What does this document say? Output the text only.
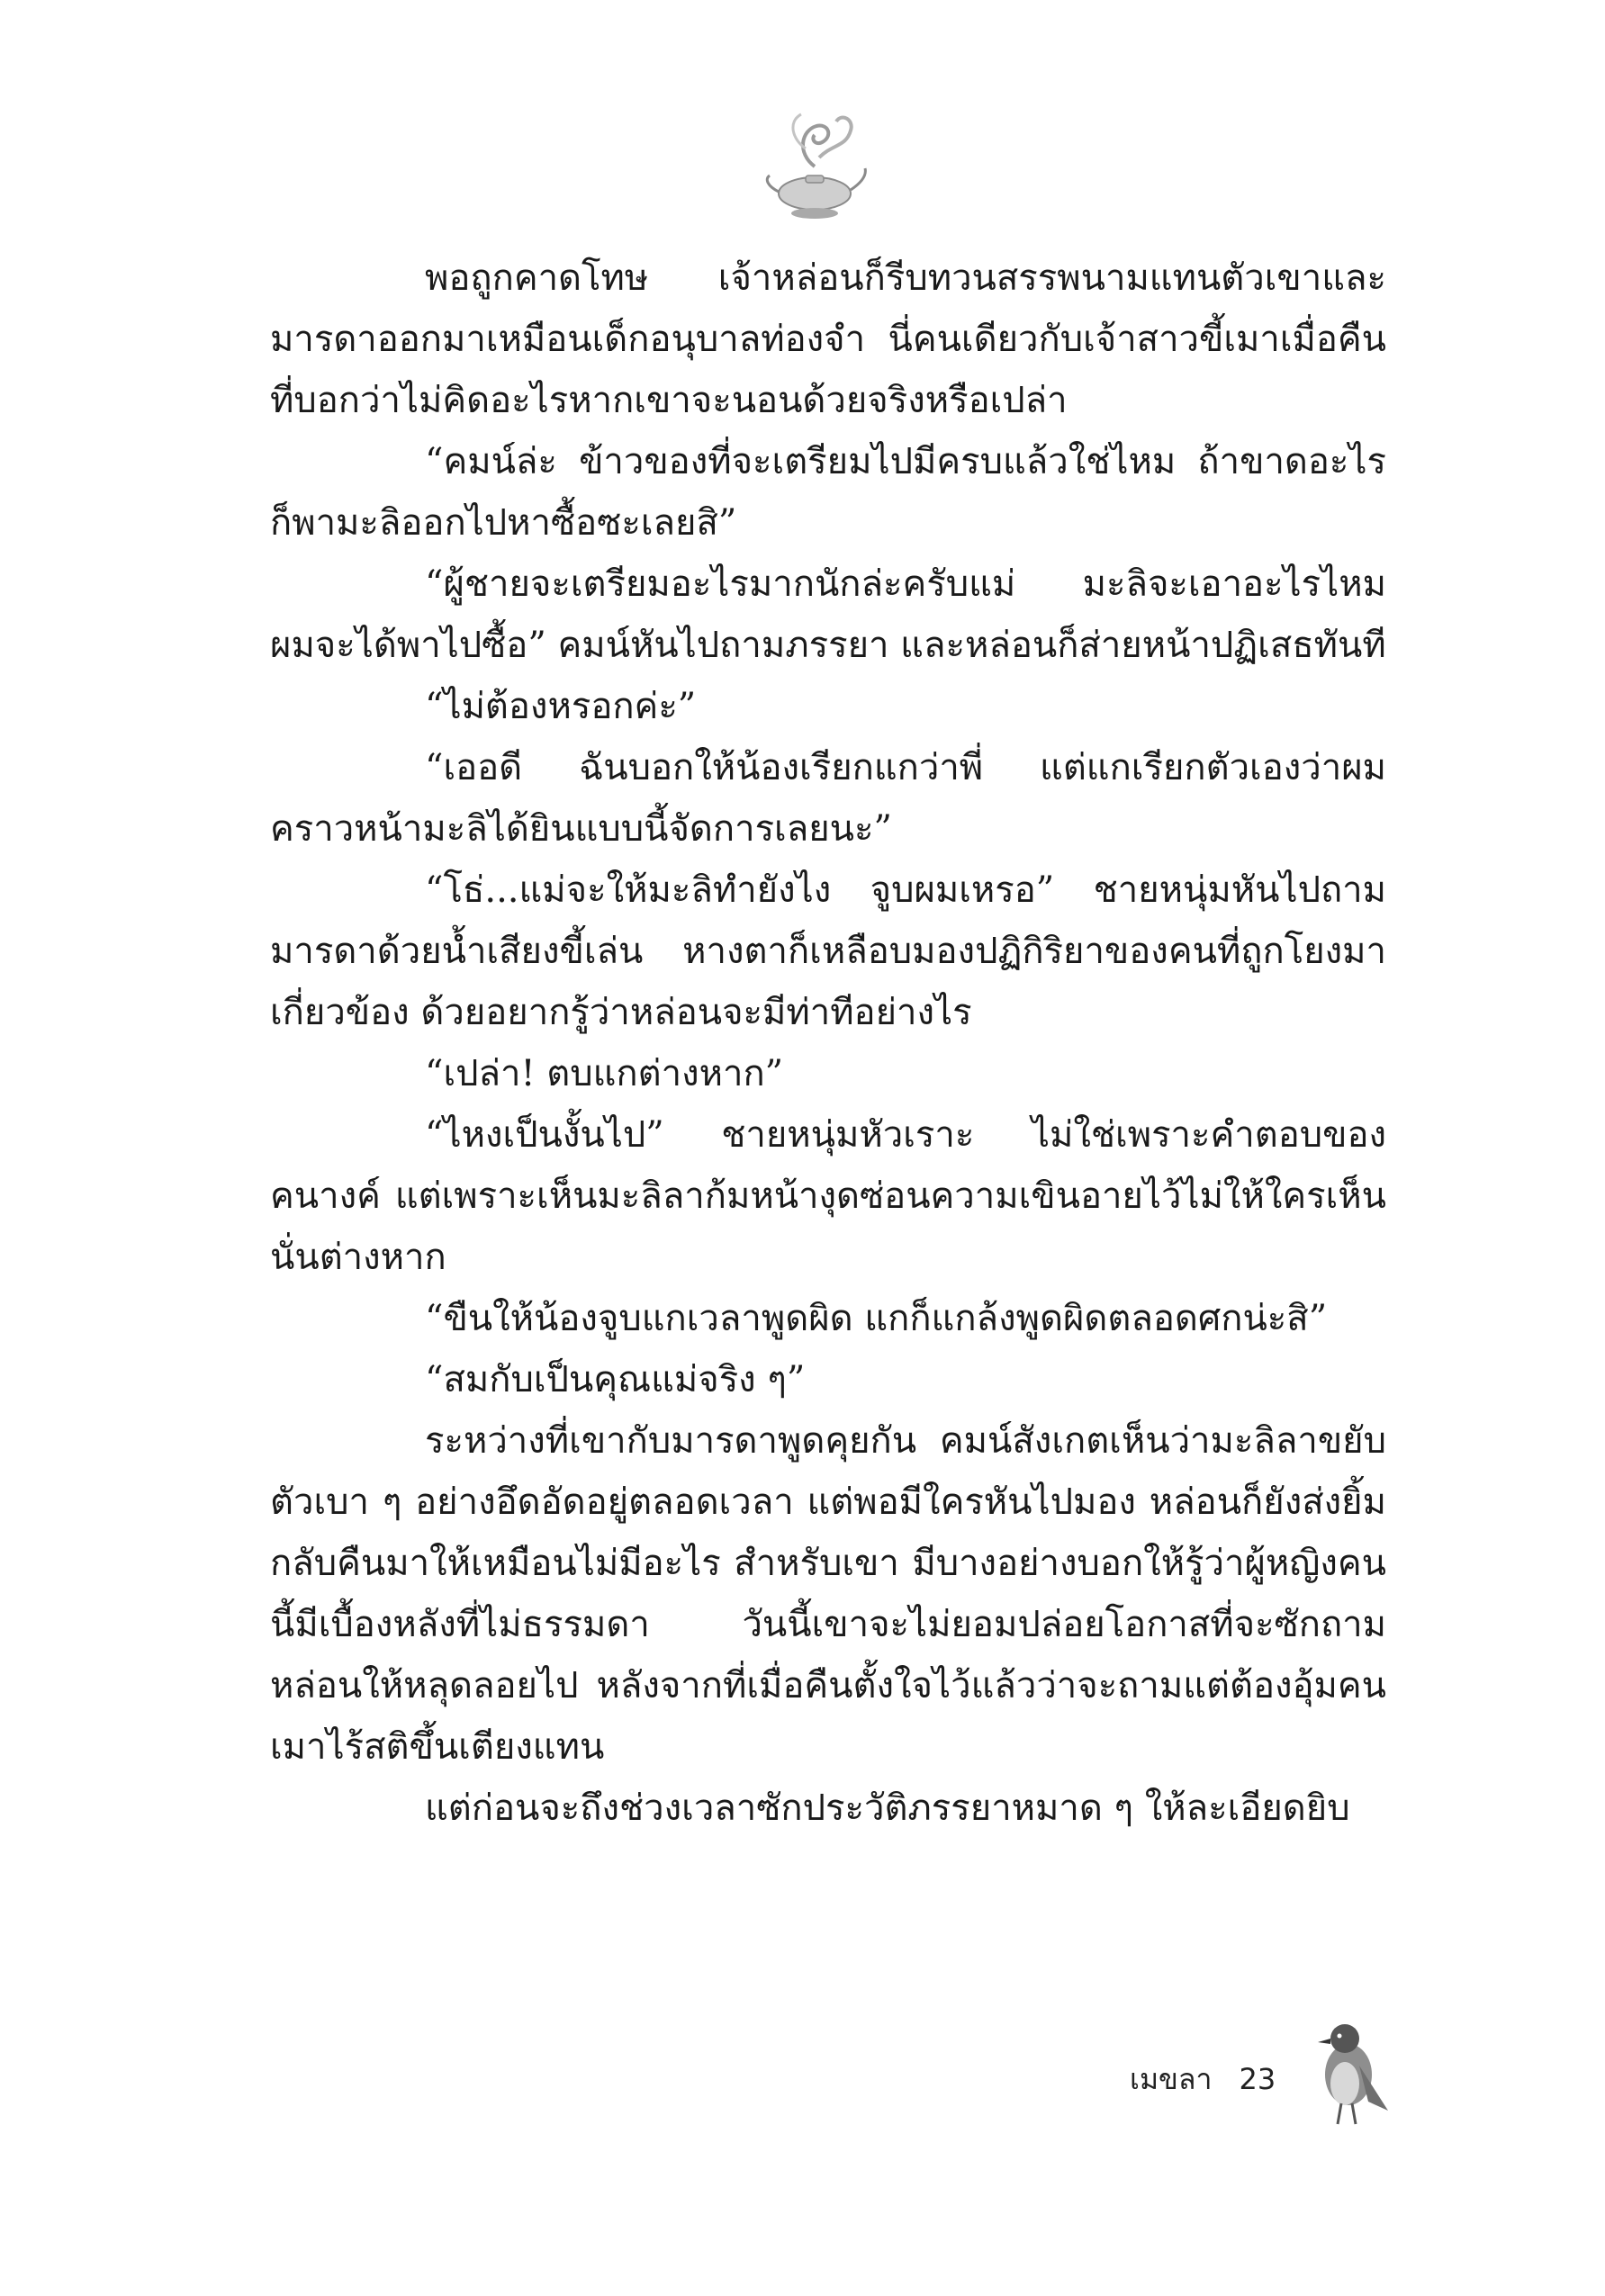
พอถูกคาดโทษ เจ้าหล่อนก็รีบทวนสรรพนามแทนตัวเขาและมารดาออกมาเหมือนเด็กอนุบาลท่องจำ นี่คนเดียวกับเจ้าสาวขี้เมาเมื่อคืนที่บอกว่าไม่คิดอะไรหากเขาจะนอนด้วยจริงหรือเปล่า

“คมน์ล่ะ ข้าวของที่จะเตรียมไปมีครบแล้วใช่ไหม ถ้าขาดอะไรก็พามะลิออกไปหาซื้อซะเลยสิ”

“ผู้ชายจะเตรียมอะไรมากนักล่ะครับแม่ มะลิจะเอาอะไรไหม ผมจะได้พาไปซื้อ” คมน์หันไปถามภรรยา และหล่อนก็ส่ายหน้าปฏิเสธทันที

“ไม่ต้องหรอกค่ะ”

“เออดี ฉันบอกให้น้องเรียกแกว่าพี่ แต่แกเรียกตัวเองว่าผม คราวหน้ามะลิได้ยินแบบนี้จัดการเลยนะ”

“โธ่...แม่จะให้มะลิทำยังไง จูบผมเหรอ” ชายหนุ่มหันไปถามมารดาด้วยน้ำเสียงขี้เล่น หางตาก็เหลือบมองปฏิกิริยาของคนที่ถูกโยงมาเกี่ยวข้อง ด้วยอยากรู้ว่าหล่อนจะมีท่าทีอย่างไร

“เปล่า! ตบแกต่างหาก”

“ไหงเป็นงั้นไป” ชายหนุ่มหัวเราะ ไม่ใช่เพราะคำตอบของคนางค์ แต่เพราะเห็นมะลิลาก้มหน้างุดซ่อนความเขินอายไว้ไม่ให้ใครเห็นนั่นต่างหาก

“ขืนให้น้องจูบแกเวลาพูดผิด แกก็แกล้งพูดผิดตลอดศกน่ะสิ”

“สมกับเป็นคุณแม่จริง ๆ”

ระหว่างที่เขากับมารดาพูดคุยกัน คมน์สังเกตเห็นว่ามะลิลาขยับตัวเบา ๆ อย่างอึดอัดอยู่ตลอดเวลา แต่พอมีใครหันไปมอง หล่อนก็ยังส่งยิ้มกลับคืนมาให้เหมือนไม่มีอะไร สำหรับเขา มีบางอย่างบอกให้รู้ว่าผู้หญิงคนนี้มีเบื้องหลังที่ไม่ธรรมดา วันนี้เขาจะไม่ยอมปล่อยโอกาสที่จะซักถามหล่อนให้หลุดลอยไป หลังจากที่เมื่อคืนตั้งใจไว้แล้วว่าจะถามแต่ต้องอุ้มคนเมาไร้สติขึ้นเตียงแทน

แต่ก่อนจะถึงช่วงเวลาซักประวัติภรรยาหมาด ๆ ให้ละเอียดยิบ

เมขลา 23
